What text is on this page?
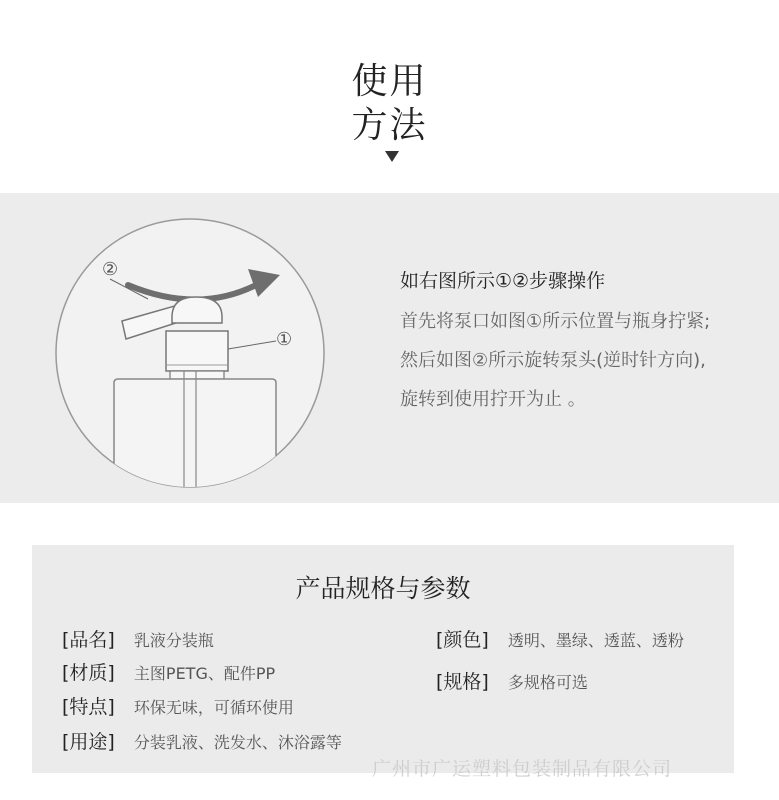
使用
方法
②
①
如右图所示①②步骤操作
首先将泵口如图①所示位置与瓶身拧紧;
然后如图②所示旋转泵头(逆时针方向),
旋转到使用拧开为止 。
产品规格与参数
[品名] 乳液分装瓶
[材质] 主图PETG、配件PP
[特点] 环保无味，可循环使用
[用途] 分装乳液、洗发水、沐浴露等
[颜色] 透明、墨绿、透蓝、透粉
[规格] 多规格可选
广州市广运塑料包装制品有限公司
